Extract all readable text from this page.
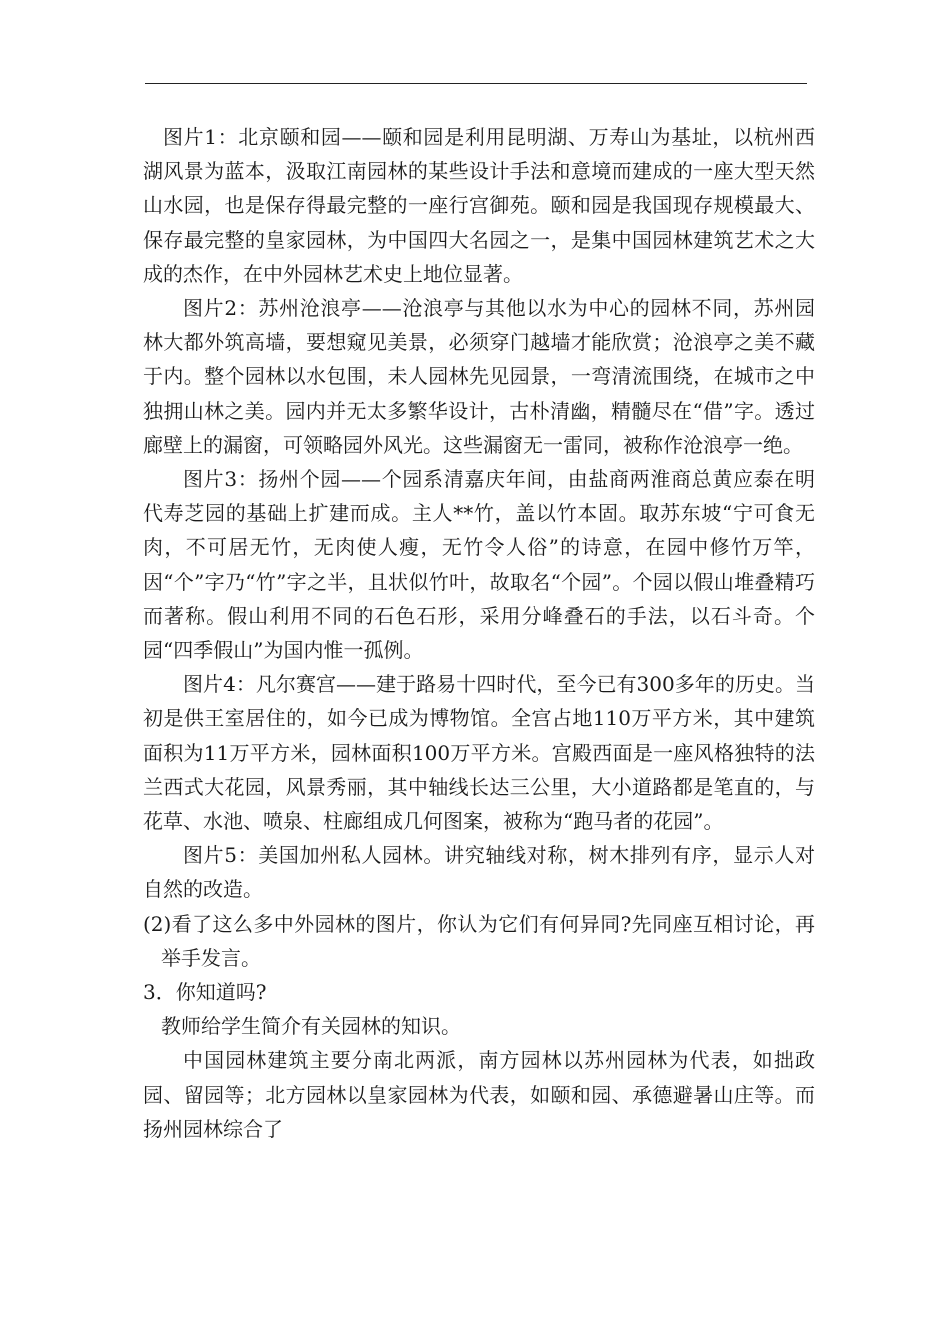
图片1：北京颐和园——颐和园是利用昆明湖、万寿山为基址，以杭州西湖风景为蓝本，汲取江南园林的某些设计手法和意境而建成的一座大型天然山水园，也是保存得最完整的一座行宫御苑。颐和园是我国现存规模最大、保存最完整的皇家园林，为中国四大名园之一，是集中国园林建筑艺术之大成的杰作，在中外园林艺术史上地位显著。

图片2：苏州沧浪亭——沧浪亭与其他以水为中心的园林不同，苏州园林大都外筑高墙，要想窥见美景，必须穿门越墙才能欣赏；沧浪亭之美不藏于内。整个园林以水包围，未人园林先见园景，一弯清流围绕，在城市之中独拥山林之美。园内并无太多繁华设计，古朴清幽，精髓尽在“借”字。透过廊壁上的漏窗，可领略园外风光。这些漏窗无一雷同，被称作沧浪亭一绝。

图片3：扬州个园——个园系清嘉庆年间，由盐商两淮商总黄应泰在明代寿芝园的基础上扩建而成。主人**竹，盖以竹本固。取苏东坡“宁可食无肉，不可居无竹，无肉使人瘦，无竹令人俗”的诗意，在园中修竹万竿，因“个”字乃“竹”字之半，且状似竹叶，故取名“个园”。个园以假山堆叠精巧而著称。假山利用不同的石色石形，采用分峰叠石的手法，以石斗奇。个园“四季假山”为国内惟一孤例。

图片4：凡尔赛宫——建于路易十四时代，至今已有300多年的历史。当初是供王室居住的，如今已成为博物馆。全宫占地110万平方米，其中建筑面积为11万平方米，园林面积100万平方米。宫殿西面是一座风格独特的法兰西式大花园，风景秀丽，其中轴线长达三公里，大小道路都是笔直的，与花草、水池、喷泉、柱廊组成几何图案，被称为“跑马者的花园”。

图片5：美国加州私人园林。讲究轴线对称，树木排列有序，显示人对自然的改造。

(2)看了这么多中外园林的图片，你认为它们有何异同?先同座互相讨论，再举手发言。

3．你知道吗?

教师给学生简介有关园林的知识。

中国园林建筑主要分南北两派，南方园林以苏州园林为代表，如拙政园、留园等；北方园林以皇家园林为代表，如颐和园、承德避暑山庄等。而扬州园林综合了
